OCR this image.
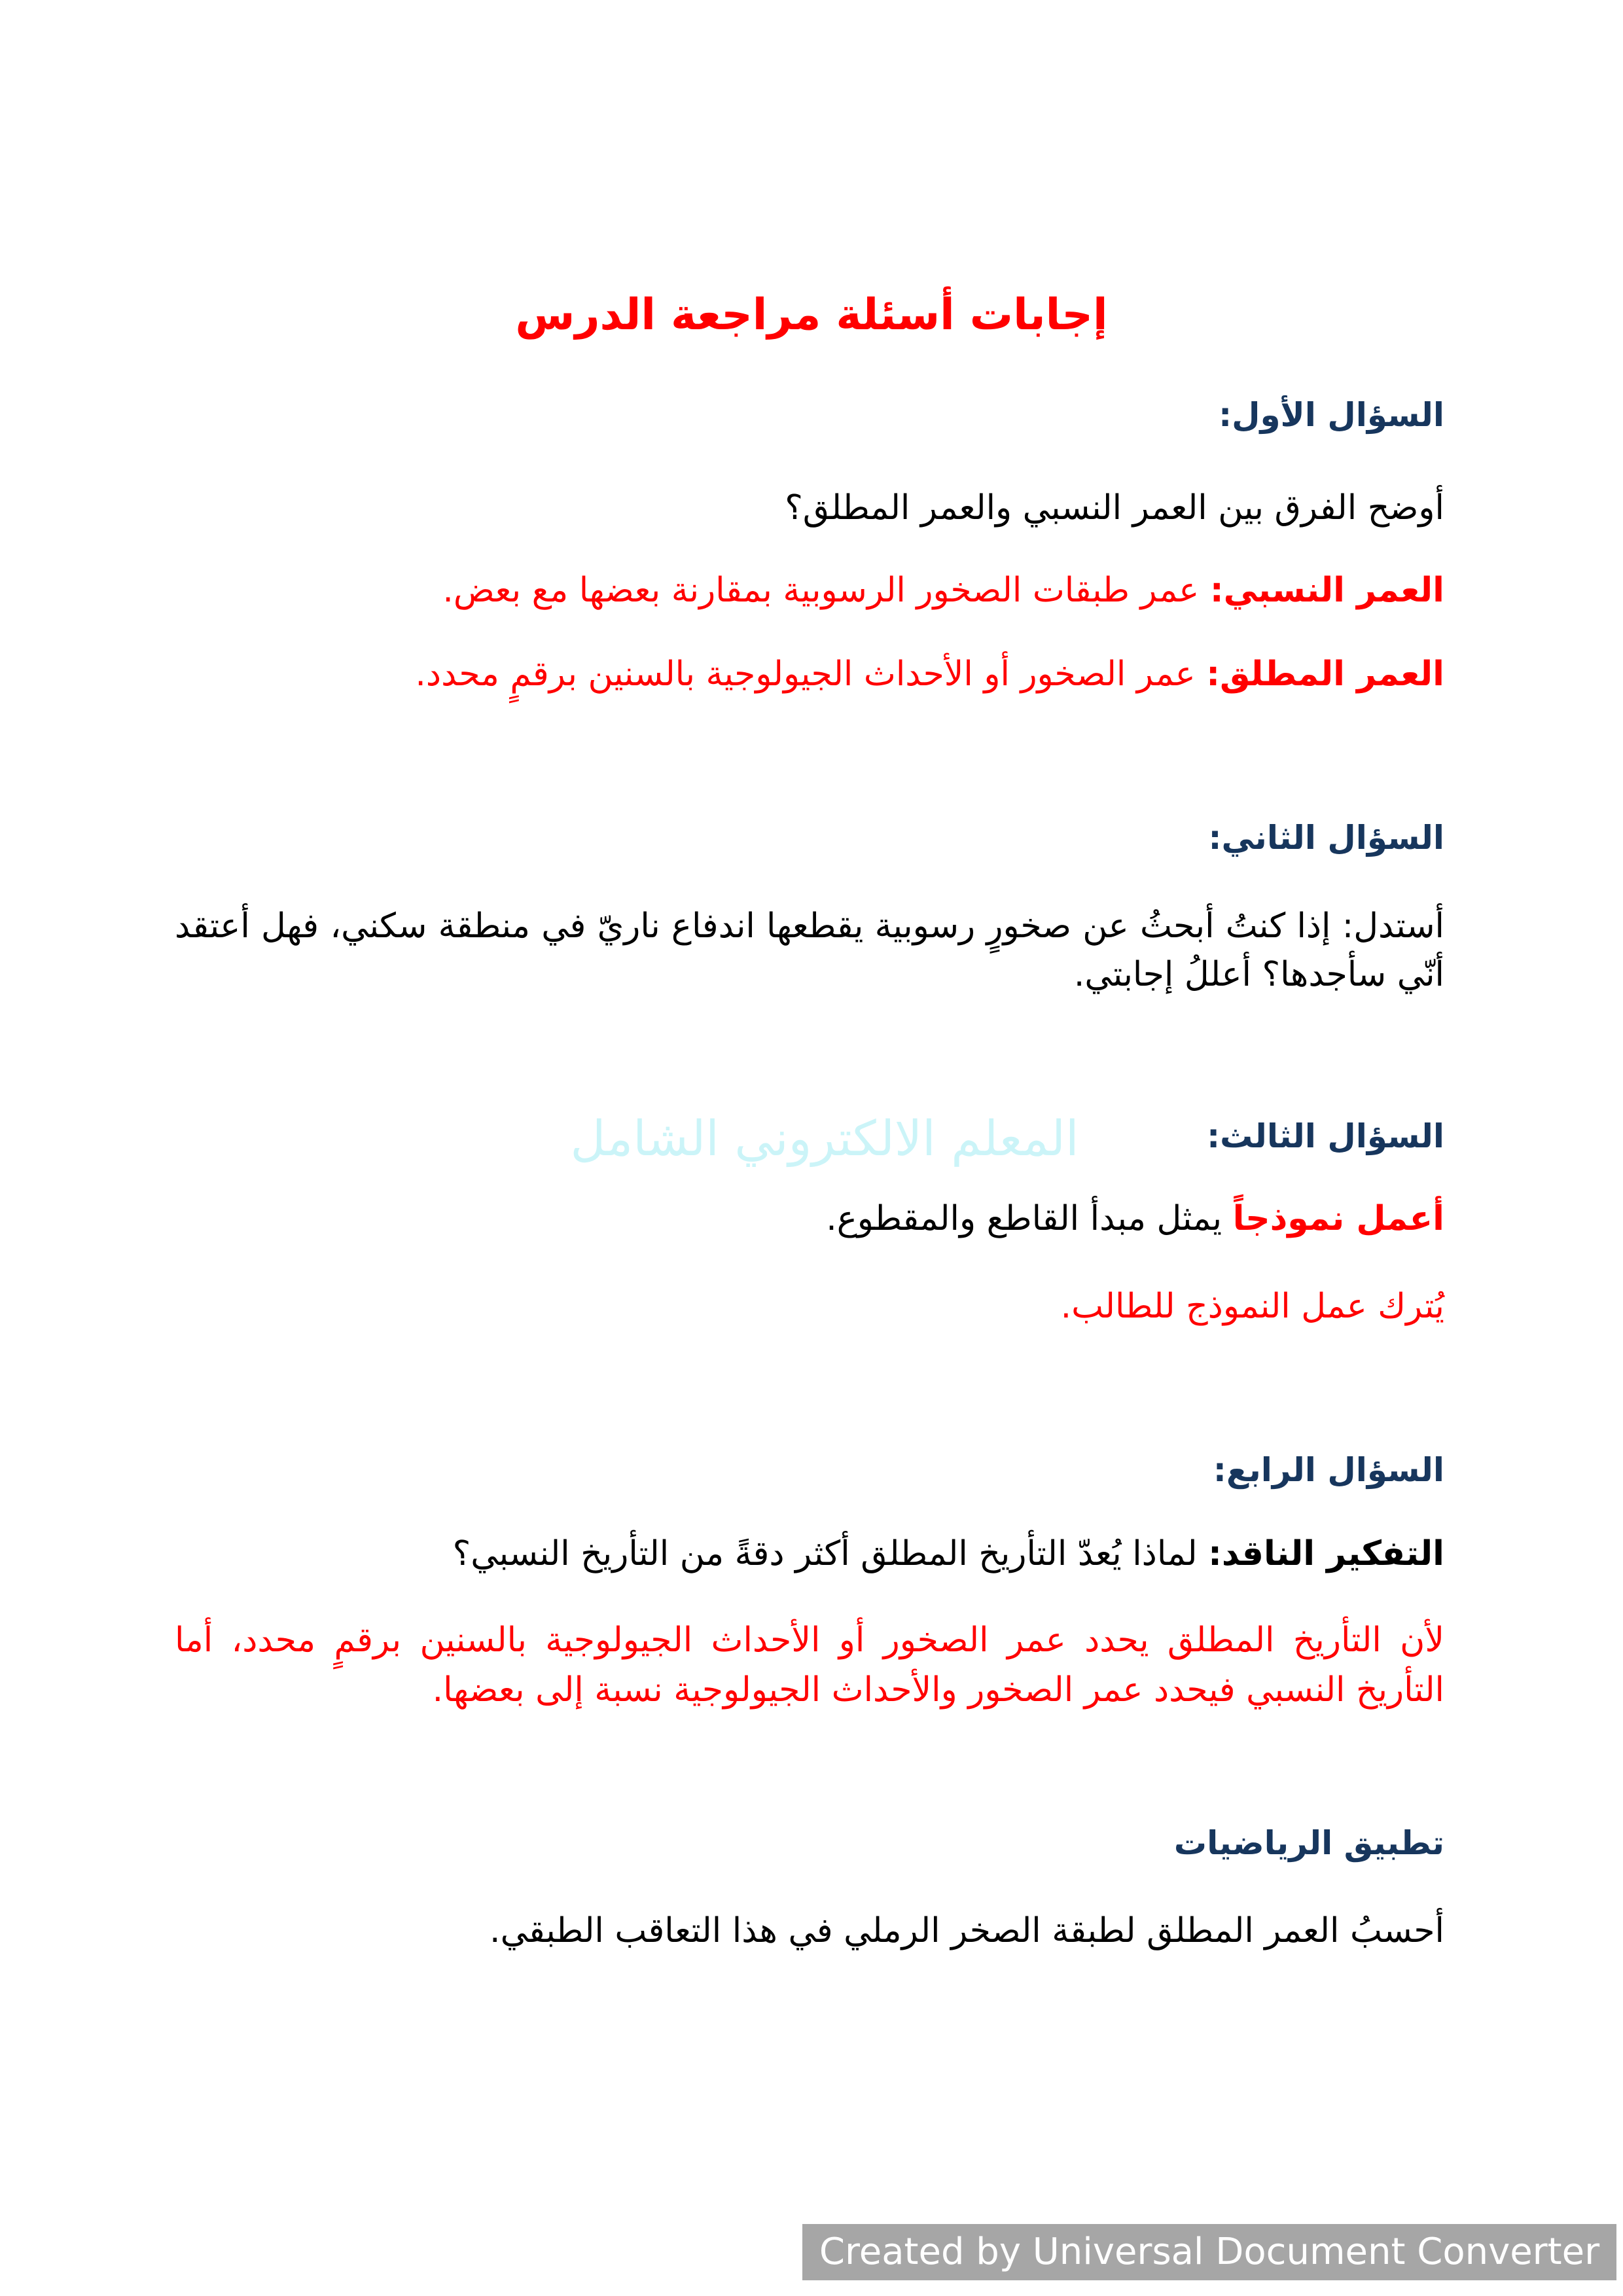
إجابات أسئلة مراجعة الدرس
السؤال الأول:
أوضح الفرق بين العمر النسبي والعمر المطلق؟
العمر النسبي: عمر طبقات الصخور الرسوبية بمقارنة بعضها مع بعض.
العمر المطلق: عمر الصخور أو الأحداث الجيولوجية بالسنين برقمٍ محدد.
السؤال الثاني:
أستدل: إذا كنتُ أبحثُ عن صخورٍ رسوبية يقطعها اندفاع ناريّ في منطقة سكني، فهل أعتقد أنّي سأجدها؟ أعللُ إجابتي.
السؤال الثالث:
المعلم الالكتروني الشامل
أعمل نموذجاً يمثل مبدأ القاطع والمقطوع.
يُترك عمل النموذج للطالب.
السؤال الرابع:
التفكير الناقد: لماذا يُعدّ التأريخ المطلق أكثر دقةً من التأريخ النسبي؟
لأن التأريخ المطلق يحدد عمر الصخور أو الأحداث الجيولوجية بالسنين برقمٍ محدد، أما التأريخ النسبي فيحدد عمر الصخور والأحداث الجيولوجية نسبة إلى بعضها.
تطبيق الرياضيات
أحسبُ العمر المطلق لطبقة الصخر الرملي في هذا التعاقب الطبقي.
Created by Universal Document Converter
